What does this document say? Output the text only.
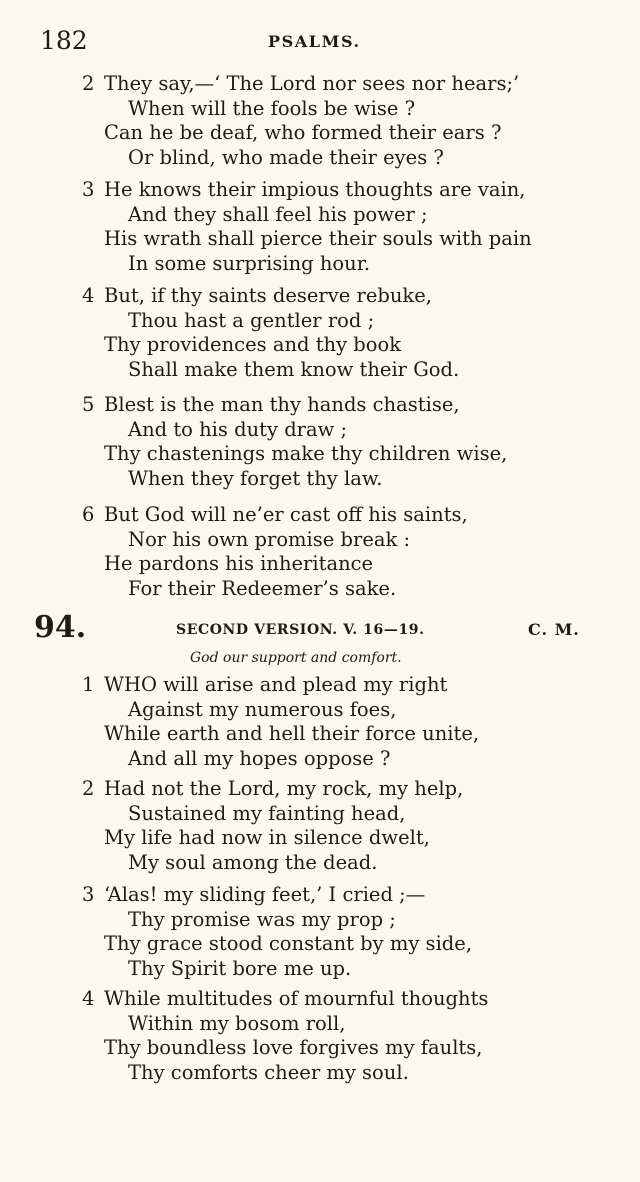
182	PSALMS.
2 They say,—‘ The Lord nor sees nor hears;’
When will the fools be wise ?
Can he be deaf, who formed their ears ?
Or blind, who made their eyes ?
3 He knows their impious thoughts are vain,
And they shall feel his power ;
His wrath shall pierce their souls with pain
In some surprising hour.
4 But, if thy saints deserve rebuke,
Thou hast a gentler rod ;
Thy providences and thy book
Shall make them know their God.
5 Blest is the man thy hands chastise,
And to his duty draw ;
Thy chastenings make thy children wise,
When they forget thy law.
6 But God will ne’er cast off his saints,
Nor his own promise break :
He pardons his inheritance
For their Redeemer’s sake.
94.	SECOND VERSION. V. 16—19.	C. M.
God our support and comfort.
1 WHO will arise and plead my right
Against my numerous foes,
While earth and hell their force unite,
And all my hopes oppose ?
2 Had not the Lord, my rock, my help,
Sustained my fainting head,
My life had now in silence dwelt,
My soul among the dead.
3 ‘Alas! my sliding feet,’ I cried ;—
Thy promise was my prop ;
Thy grace stood constant by my side,
Thy Spirit bore me up.
4 While multitudes of mournful thoughts
Within my bosom roll,
Thy boundless love forgives my faults,
Thy comforts cheer my soul.
